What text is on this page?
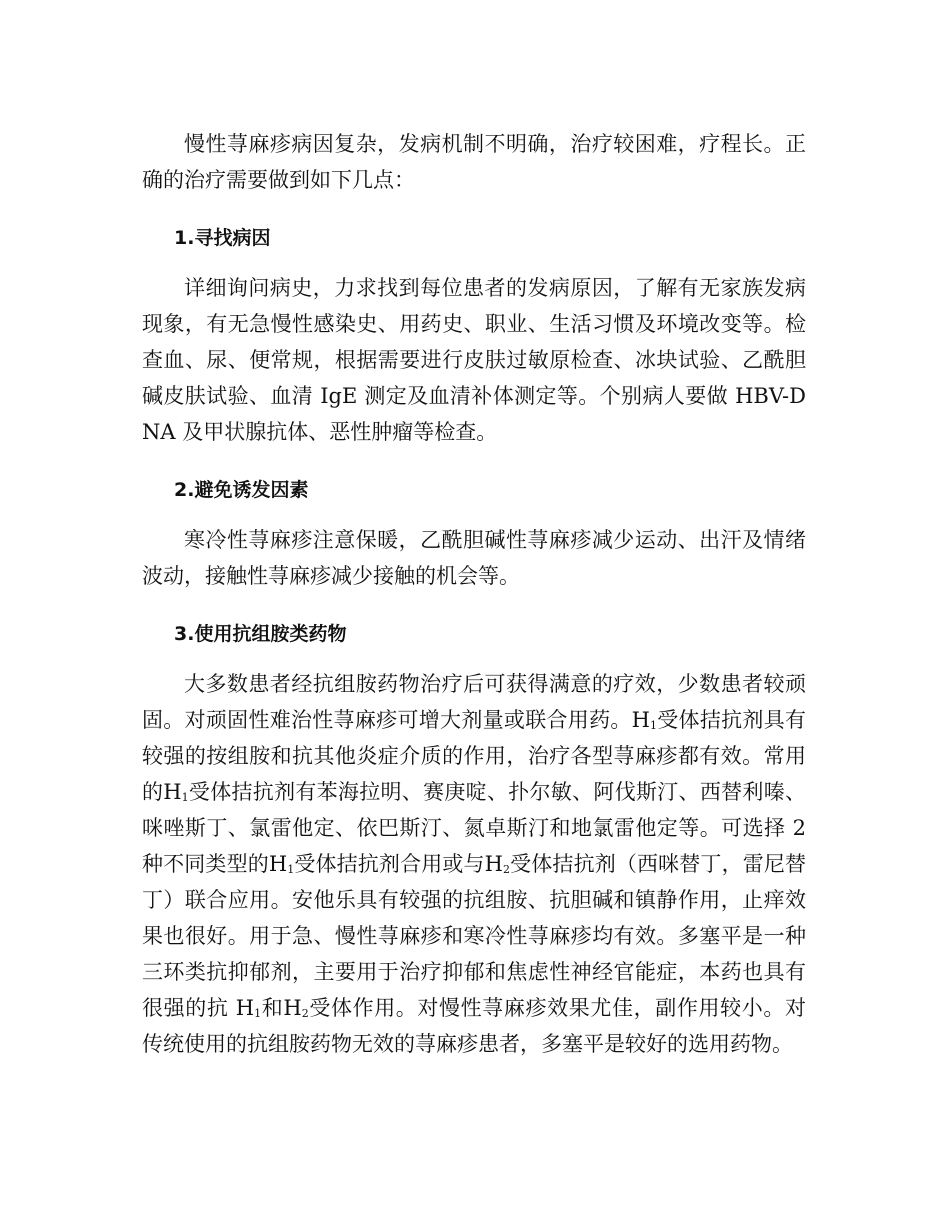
慢性荨麻疹病因复杂，发病机制不明确，治疗较困难，疗程长。正确的治疗需要做到如下几点：

1.寻找病因

详细询问病史，力求找到每位患者的发病原因，了解有无家族发病现象，有无急慢性感染史、用药史、职业、生活习惯及环境改变等。检查血、尿、便常规，根据需要进行皮肤过敏原检查、冰块试验、乙酰胆碱皮肤试验、血清 IgE 测定及血清补体测定等。个别病人要做 HBV-DNA 及甲状腺抗体、恶性肿瘤等检查。

2.避免诱发因素

寒冷性荨麻疹注意保暖，乙酰胆碱性荨麻疹减少运动、出汗及情绪波动，接触性荨麻疹减少接触的机会等。

3.使用抗组胺类药物

大多数患者经抗组胺药物治疗后可获得满意的疗效，少数患者较顽固。对顽固性难治性荨麻疹可增大剂量或联合用药。$H_1$受体拮抗剂具有较强的按组胺和抗其他炎症介质的作用，治疗各型荨麻疹都有效。常用的$H_1$受体拮抗剂有苯海拉明、赛庚啶、扑尔敏、阿伐斯汀、西替利嗪、咪唑斯丁、氯雷他定、依巴斯汀、氮卓斯汀和地氯雷他定等。可选择 2 种不同类型的$H_1$受体拮抗剂合用或与$H_2$受体拮抗剂（西咪替丁，雷尼替丁）联合应用。安他乐具有较强的抗组胺、抗胆碱和镇静作用，止痒效果也很好。用于急、慢性荨麻疹和寒冷性荨麻疹均有效。多塞平是一种三环类抗抑郁剂，主要用于治疗抑郁和焦虑性神经官能症，本药也具有很强的抗 $H_1$和$H_2$受体作用。对慢性荨麻疹效果尤佳，副作用较小。对传统使用的抗组胺药物无效的荨麻疹患者，多塞平是较好的选用药物。
